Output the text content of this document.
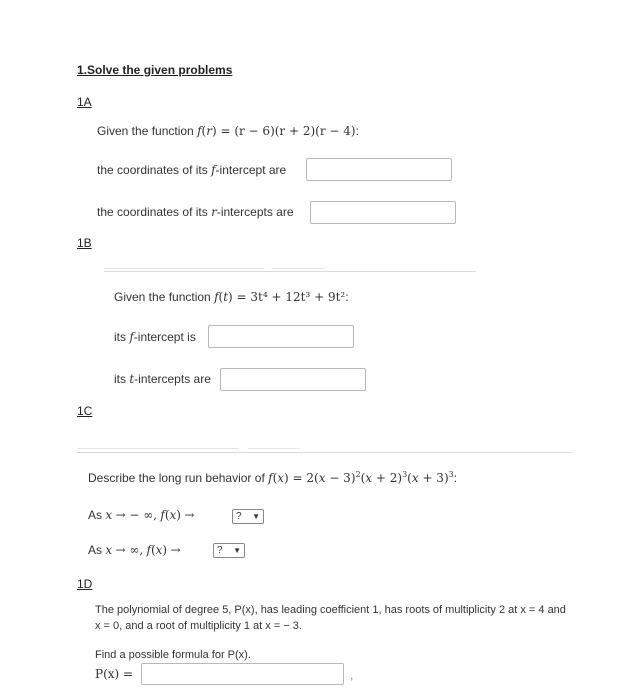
1.Solve the given problems
1A
Given the function f(r) = (r − 6)(r + 2)(r − 4):
the coordinates of its f-intercept are
the coordinates of its r-intercepts are
1B
Given the function f(t) = 3t⁴ + 12t³ + 9t²:
its f-intercept is
its t-intercepts are
1C
Describe the long run behavior of $f(x) = 2(x - 3)^2(x + 2)^3(x + 3)^3$:
As x → − ∞, f(x) →	? ▼
As x → ∞, f(x) →	? ▼
1D
The polynomial of degree 5, P(x), has leading coefficient 1, has roots of multiplicity 2 at x = 4 and
x = 0, and a root of multiplicity 1 at x = − 3.
Find a possible formula for P(x).
P(x) =	,
